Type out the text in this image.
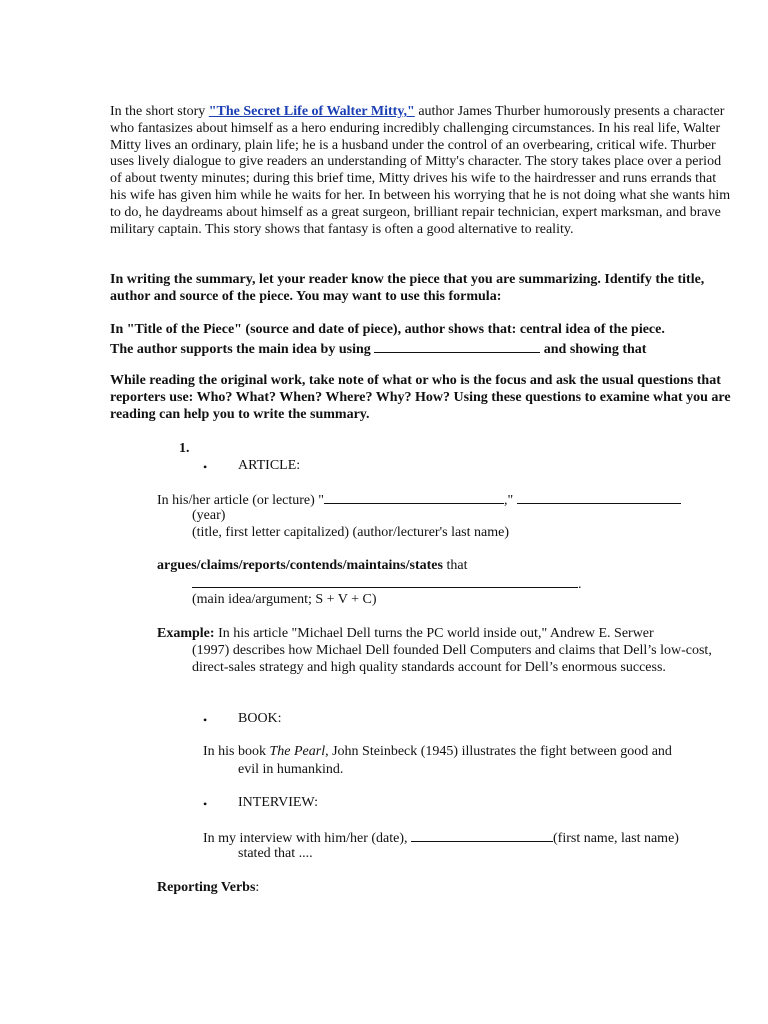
In the short story "The Secret Life of Walter Mitty," author James Thurber humorously presents a character who fantasizes about himself as a hero enduring incredibly challenging circumstances. In his real life, Walter Mitty lives an ordinary, plain life; he is a husband under the control of an overbearing, critical wife. Thurber uses lively dialogue to give readers an understanding of Mitty's character. The story takes place over a period of about twenty minutes; during this brief time, Mitty drives his wife to the hairdresser and runs errands that his wife has given him while he waits for her. In between his worrying that he is not doing what she wants him to do, he daydreams about himself as a great surgeon, brilliant repair technician, expert marksman, and brave military captain. This story shows that fantasy is often a good alternative to reality.

In writing the summary, let your reader know the piece that you are summarizing. Identify the title, author and source of the piece. You may want to use this formula:

In "Title of the Piece" (source and date of piece), author shows that: central idea of the piece.

The author supports the main idea by using	and showing that

While reading the original work, take note of what or who is the focus and ask the usual questions that reporters use: Who? What? When? Where? Why? How? Using these questions to examine what you are reading can help you to write the summary.

1.
• ARTICLE:

In his/her article (or lecture) "	,"

(year)
(title, first letter capitalized) (author/lecturer's last name)

argues/claims/reports/contends/maintains/states that

.

(main idea/argument; S + V + C)

Example: In his article "Michael Dell turns the PC world inside out," Andrew E. Serwer

(1997) describes how Michael Dell founded Dell Computers and claims that Dell’s low-cost, direct-sales strategy and high quality standards account for Dell’s enormous success.

• BOOK:

In his book The Pearl, John Steinbeck (1945) illustrates the fight between good and

evil in humankind.

• INTERVIEW:

In my interview with him/her (date),	(first name, last name)

stated that ....

Reporting Verbs:
